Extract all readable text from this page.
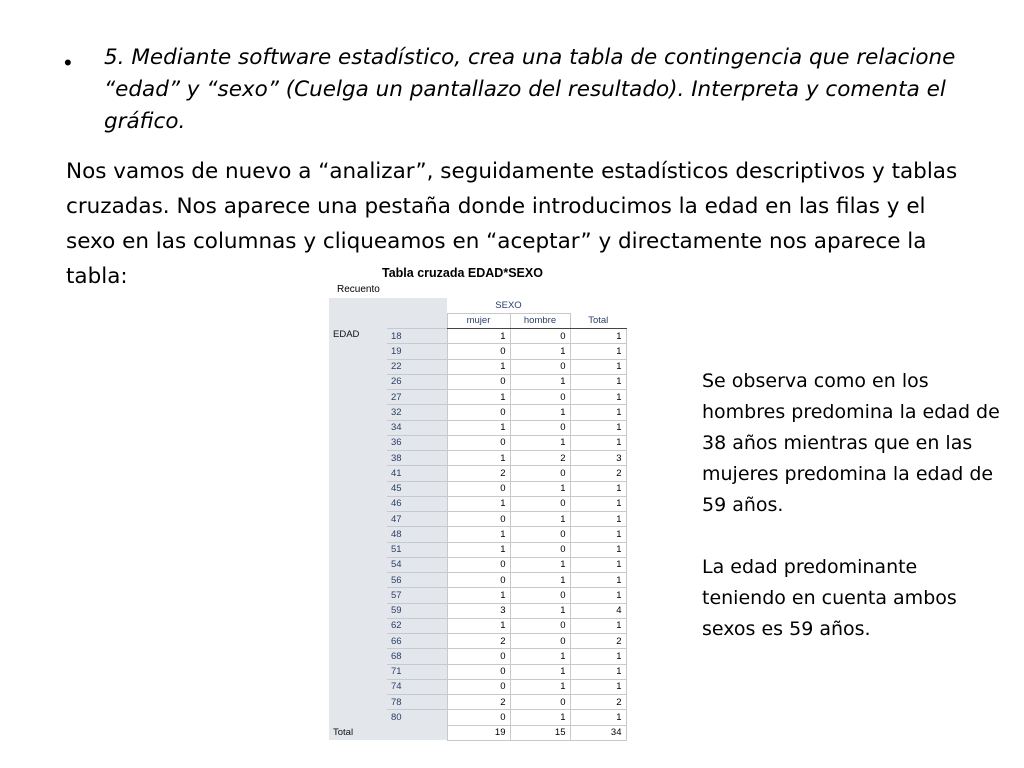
• 5. Mediante software estadístico, crea una tabla de contingencia que relacione “edad” y “sexo” (Cuelga un pantallazo del resultado). Interpreta y comenta el gráfico.
Nos vamos de nuevo a “analizar”, seguidamente estadísticos descriptivos y tablas cruzadas. Nos aparece una pestaña donde introducimos la edad en las filas y el sexo en las columnas y cliqueamos en “aceptar” y directamente nos aparece la tabla:	Tabla cruzada EDAD*SEXO
Recuento
		SEXO		
		mujer	hombre	Total
EDAD	18	1	0	1
	19	0	1	1
	22	1	0	1
	26	0	1	1
	27	1	0	1
	32	0	1	1
	34	1	0	1
	36	0	1	1
	38	1	2	3
	41	2	0	2
	45	0	1	1
	46	1	0	1
	47	0	1	1
	48	1	0	1
	51	1	0	1
	54	0	1	1
	56	0	1	1
	57	1	0	1
	59	3	1	4
	62	1	0	1
	66	2	0	2
	68	0	1	1
	71	0	1	1
	74	0	1	1
	78	2	0	2
	80	0	1	1
Total		19	15	34

Se observa como en los hombres predomina la edad de 38 años mientras que en las mujeres predomina la edad de 59 años.

La edad predominante teniendo en cuenta ambos sexos es 59 años.
